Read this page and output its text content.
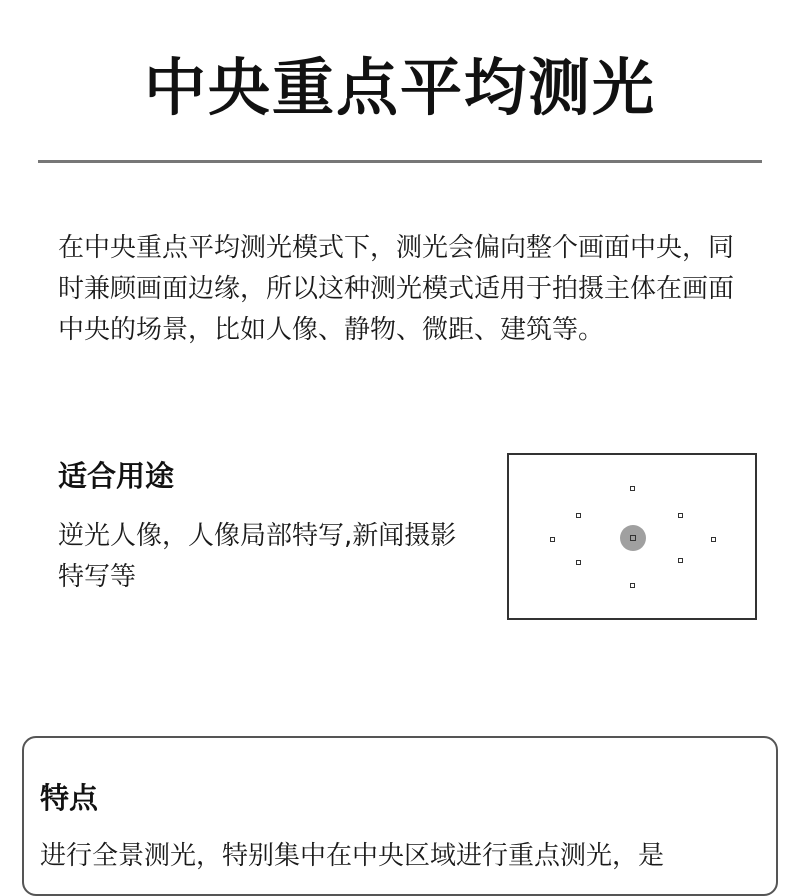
中央重点平均测光
在中央重点平均测光模式下，测光会偏向整个画面中央，同时兼顾画面边缘，所以这种测光模式适用于拍摄主体在画面中央的场景，比如人像、静物、微距、建筑等。
适合用途
逆光人像，人像局部特写,新闻摄影特写等
特点
进行全景测光，特别集中在中央区域进行重点测光，是
